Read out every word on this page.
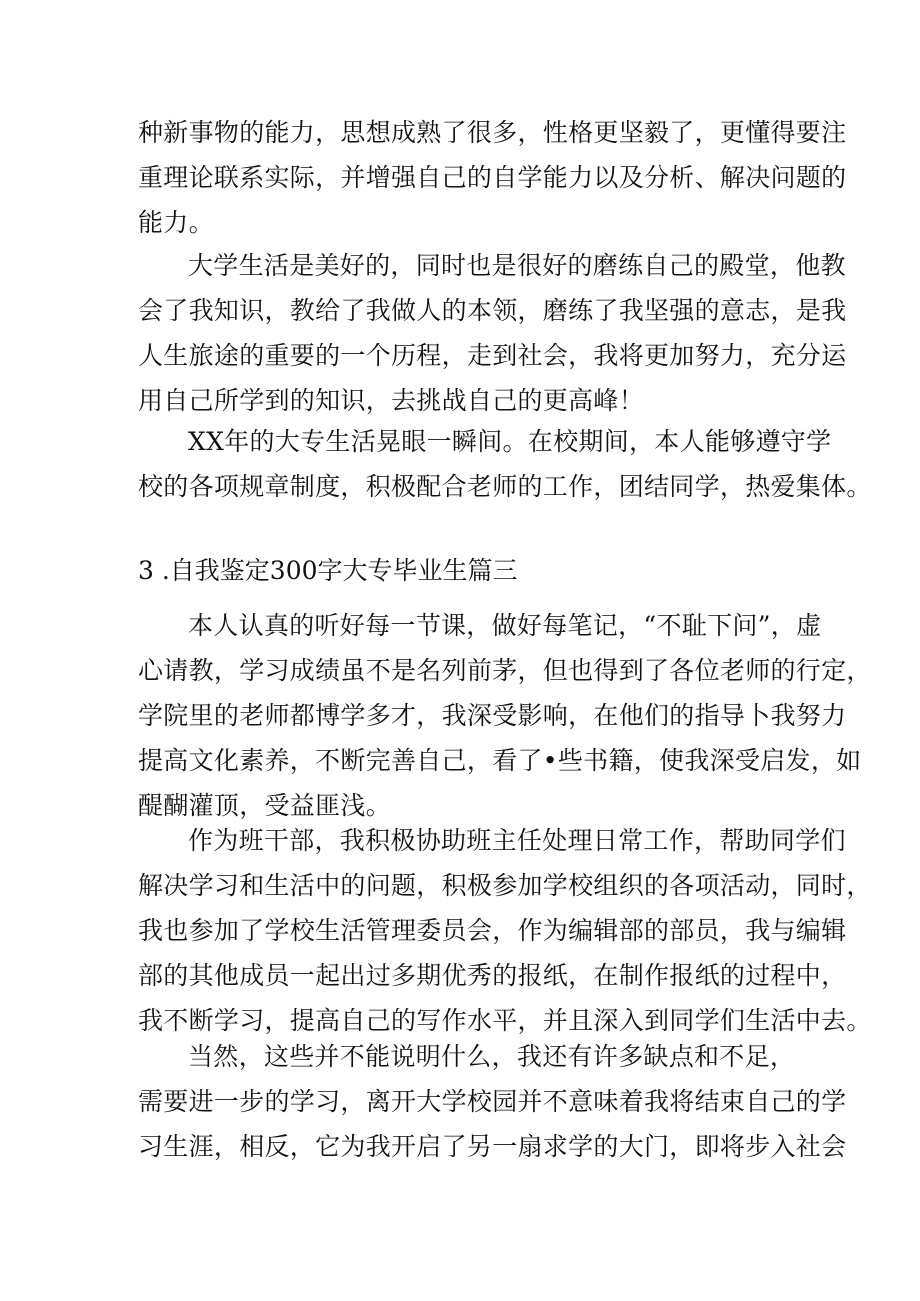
种新事物的能力，思想成熟了很多，性格更坚毅了，更懂得要注
重理论联系实际，并增强自己的自学能力以及分析、解决问题的
能力。
大学生活是美好的，同时也是很好的磨练自己的殿堂，他教
会了我知识，教给了我做人的本领，磨练了我坚强的意志，是我
人生旅途的重要的一个历程，走到社会，我将更加努力，充分运
用自己所学到的知识，去挑战自己的更高峰！
XX年的大专生活晃眼一瞬间。在校期间，本人能够遵守学
校的各项规章制度，积极配合老师的工作，团结同学，热爱集体。
3 .自我鉴定300字大专毕业生篇三
本人认真的听好每一节课，做好每笔记，“不耻下问”，虚
心请教，学习成绩虽不是名列前茅，但也得到了各位老师的行定，
学院里的老师都博学多才，我深受影响，在他们的指导卜我努力
提高文化素养，不断完善自己，看了•些书籍，使我深受启发，如
醍醐灌顶，受益匪浅。
作为班干部，我积极协助班主任处理日常工作，帮助同学们
解决学习和生活中的问题，积极参加学校组织的各项活动，同时，
我也参加了学校生活管理委员会，作为编辑部的部员，我与编辑
部的其他成员一起出过多期优秀的报纸，在制作报纸的过程中，
我不断学习，提高自己的写作水平，并且深入到同学们生活中去。
当然，这些并不能说明什么，我还有许多缺点和不足，
需要进一步的学习，离开大学校园并不意味着我将结束自己的学
习生涯，相反，它为我开启了另一扇求学的大门，即将步入社会
